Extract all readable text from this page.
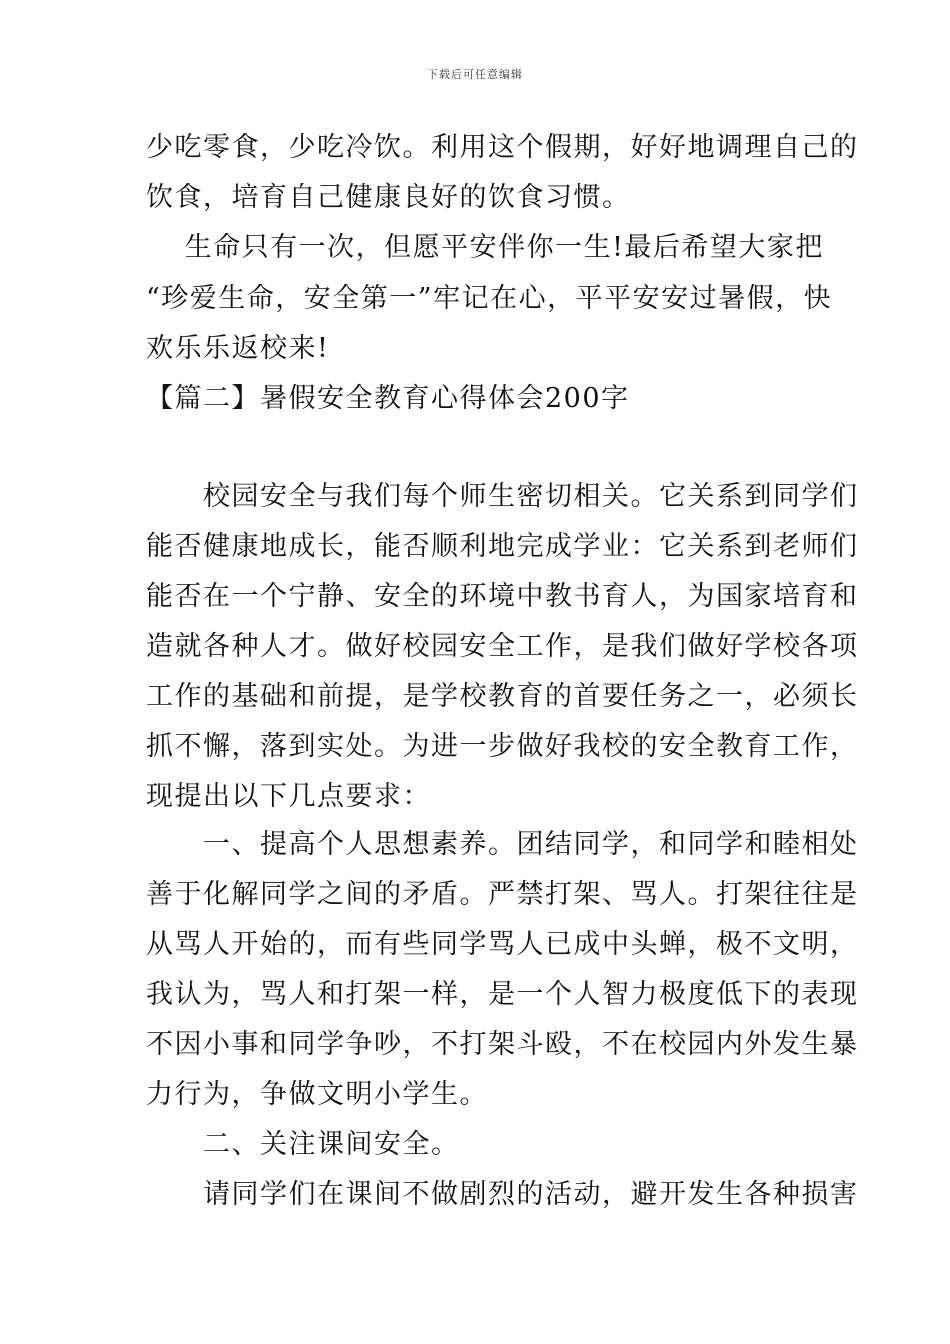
下载后可任意编辑
少吃零食，少吃冷饮。利用这个假期，好好地调理自己的
饮食，培育自己健康良好的饮食习惯。
　 生命只有一次，但愿平安伴你一生!最后希望大家把
“珍爱生命，安全第一”牢记在心，平平安安过暑假，快
欢乐乐返校来!
【篇二】暑假安全教育心得体会200字
　　校园安全与我们每个师生密切相关。它关系到同学们
能否健康地成长，能否顺利地完成学业：它关系到老师们
能否在一个宁静、安全的环境中教书育人，为国家培育和
造就各种人才。做好校园安全工作，是我们做好学校各项
工作的基础和前提，是学校教育的首要任务之一，必须长
抓不懈，落到实处。为进一步做好我校的安全教育工作，
现提出以下几点要求：
　　一、提高个人思想素养。团结同学，和同学和睦相处
善于化解同学之间的矛盾。严禁打架、骂人。打架往往是
从骂人开始的，而有些同学骂人已成中头蝉，极不文明，
我认为，骂人和打架一样，是一个人智力极度低下的表现
不因小事和同学争吵，不打架斗殴，不在校园内外发生暴
力行为，争做文明小学生。
　　二、关注课间安全。
　　请同学们在课间不做剧烈的活动，避开发生各种损害
